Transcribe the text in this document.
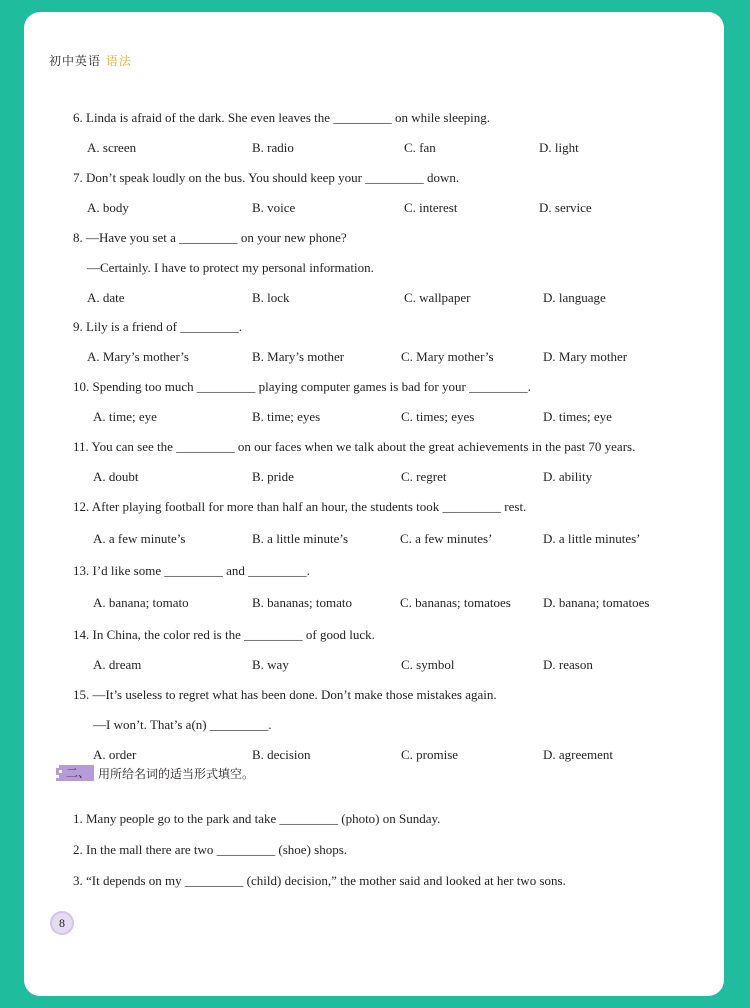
初中英语 语法
6. Linda is afraid of the dark. She even leaves the _________ on while sleeping.
A. screen	B. radio	C. fan	D. light
7. Don’t speak loudly on the bus. You should keep your _________ down.
A. body	B. voice	C. interest	D. service
8. —Have you set a _________ on your new phone?
—Certainly. I have to protect my personal information.
A. date	B. lock	C. wallpaper	D. language
9. Lily is a friend of _________.
A. Mary’s mother’s	B. Mary’s mother	C. Mary mother’s	D. Mary mother
10. Spending too much _________ playing computer games is bad for your _________.
A. time; eye	B. time; eyes	C. times; eyes	D. times; eye
11. You can see the _________ on our faces when we talk about the great achievements in the past 70 years.
A. doubt	B. pride	C. regret	D. ability
12. After playing football for more than half an hour, the students took _________ rest.
A. a few minute’s	B. a little minute’s	C. a few minutes’	D. a little minutes’
13. I’d like some _________ and _________.
A. banana; tomato	B. bananas; tomato	C. bananas; tomatoes D. banana; tomatoes
14. In China, the color red is the _________ of good luck.
A. dream	B. way	C. symbol	D. reason
15. —It’s useless to regret what has been done. Don’t make those mistakes again.
—I won’t. That’s a(n) _________.
A. order	B. decision	C. promise	D. agreement
二、 用所给名词的适当形式填空。
1. Many people go to the park and take _________ (photo) on Sunday.
2. In the mall there are two _________ (shoe) shops.
3. “It depends on my _________ (child) decision,” the mother said and looked at her two sons.
8
